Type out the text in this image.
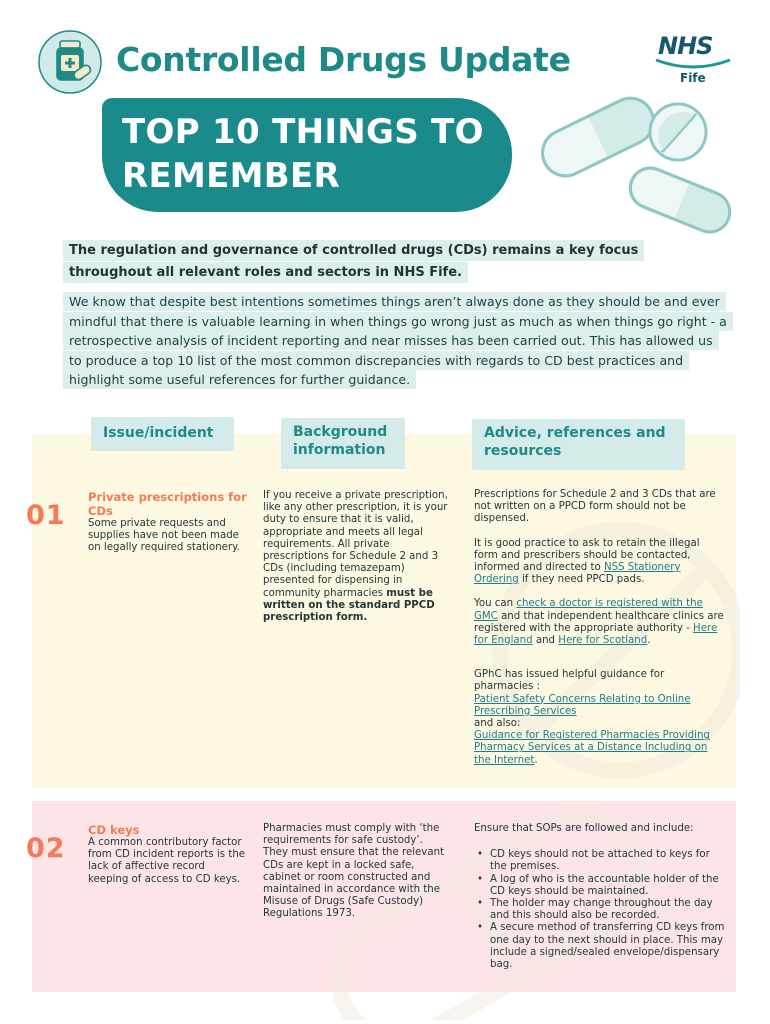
Controlled Drugs Update	NHS
Fife
TOP 10 THINGS TO REMEMBER
The regulation and governance of controlled drugs (CDs) remains a key focus throughout all relevant roles and sectors in NHS Fife.
We know that despite best intentions sometimes things aren’t always done as they should be and ever mindful that there is valuable learning in when things go wrong just as much as when things go right - a retrospective analysis of incident reporting and near misses has been carried out. This has allowed us to produce a top 10 list of the most common discrepancies with regards to CD best practices and highlight some useful references for further guidance.
Issue/incident	Background information
Advice, references and resources
01
Private prescriptions for CDs
Some private requests and supplies have not been made on legally required stationery.
If you receive a private prescription, like any other prescription, it is your duty to ensure that it is valid, appropriate and meets all legal requirements. All private prescriptions for Schedule 2 and 3 CDs (including temazepam) presented for dispensing in community pharmacies must be written on the standard PPCD prescription form.

Prescriptions for Schedule 2 and 3 CDs that are not written on a PPCD form should not be dispensed.

It is good practice to ask to retain the illegal form and prescribers should be contacted, informed and directed to NSS Stationery Ordering if they need PPCD pads.

You can check a doctor is registered with the GMC and that independent healthcare clinics are registered with the appropriate authority - Here for England and Here for Scotland.

GPhC has issued helpful guidance for pharmacies :
Patient Safety Concerns Relating to Online Prescribing Services
and also:
Guidance for Registered Pharmacies Providing Pharmacy Services at a Distance Including on the Internet.

02
CD keys
A common contributory factor from CD incident reports is the lack of affective record keeping of access to CD keys.
Pharmacies must comply with ‘the requirements for safe custody’. They must ensure that the relevant CDs are kept in a locked safe, cabinet or room constructed and maintained in accordance with the Misuse of Drugs (Safe Custody) Regulations 1973.
Ensure that SOPs are followed and include:
• CD keys should not be attached to keys for the premises.
• A log of who is the accountable holder of the CD keys should be maintained.
• The holder may change throughout the day and this should also be recorded.
• A secure method of transferring CD keys from one day to the next should in place. This may include a signed/sealed envelope/dispensary bag.
